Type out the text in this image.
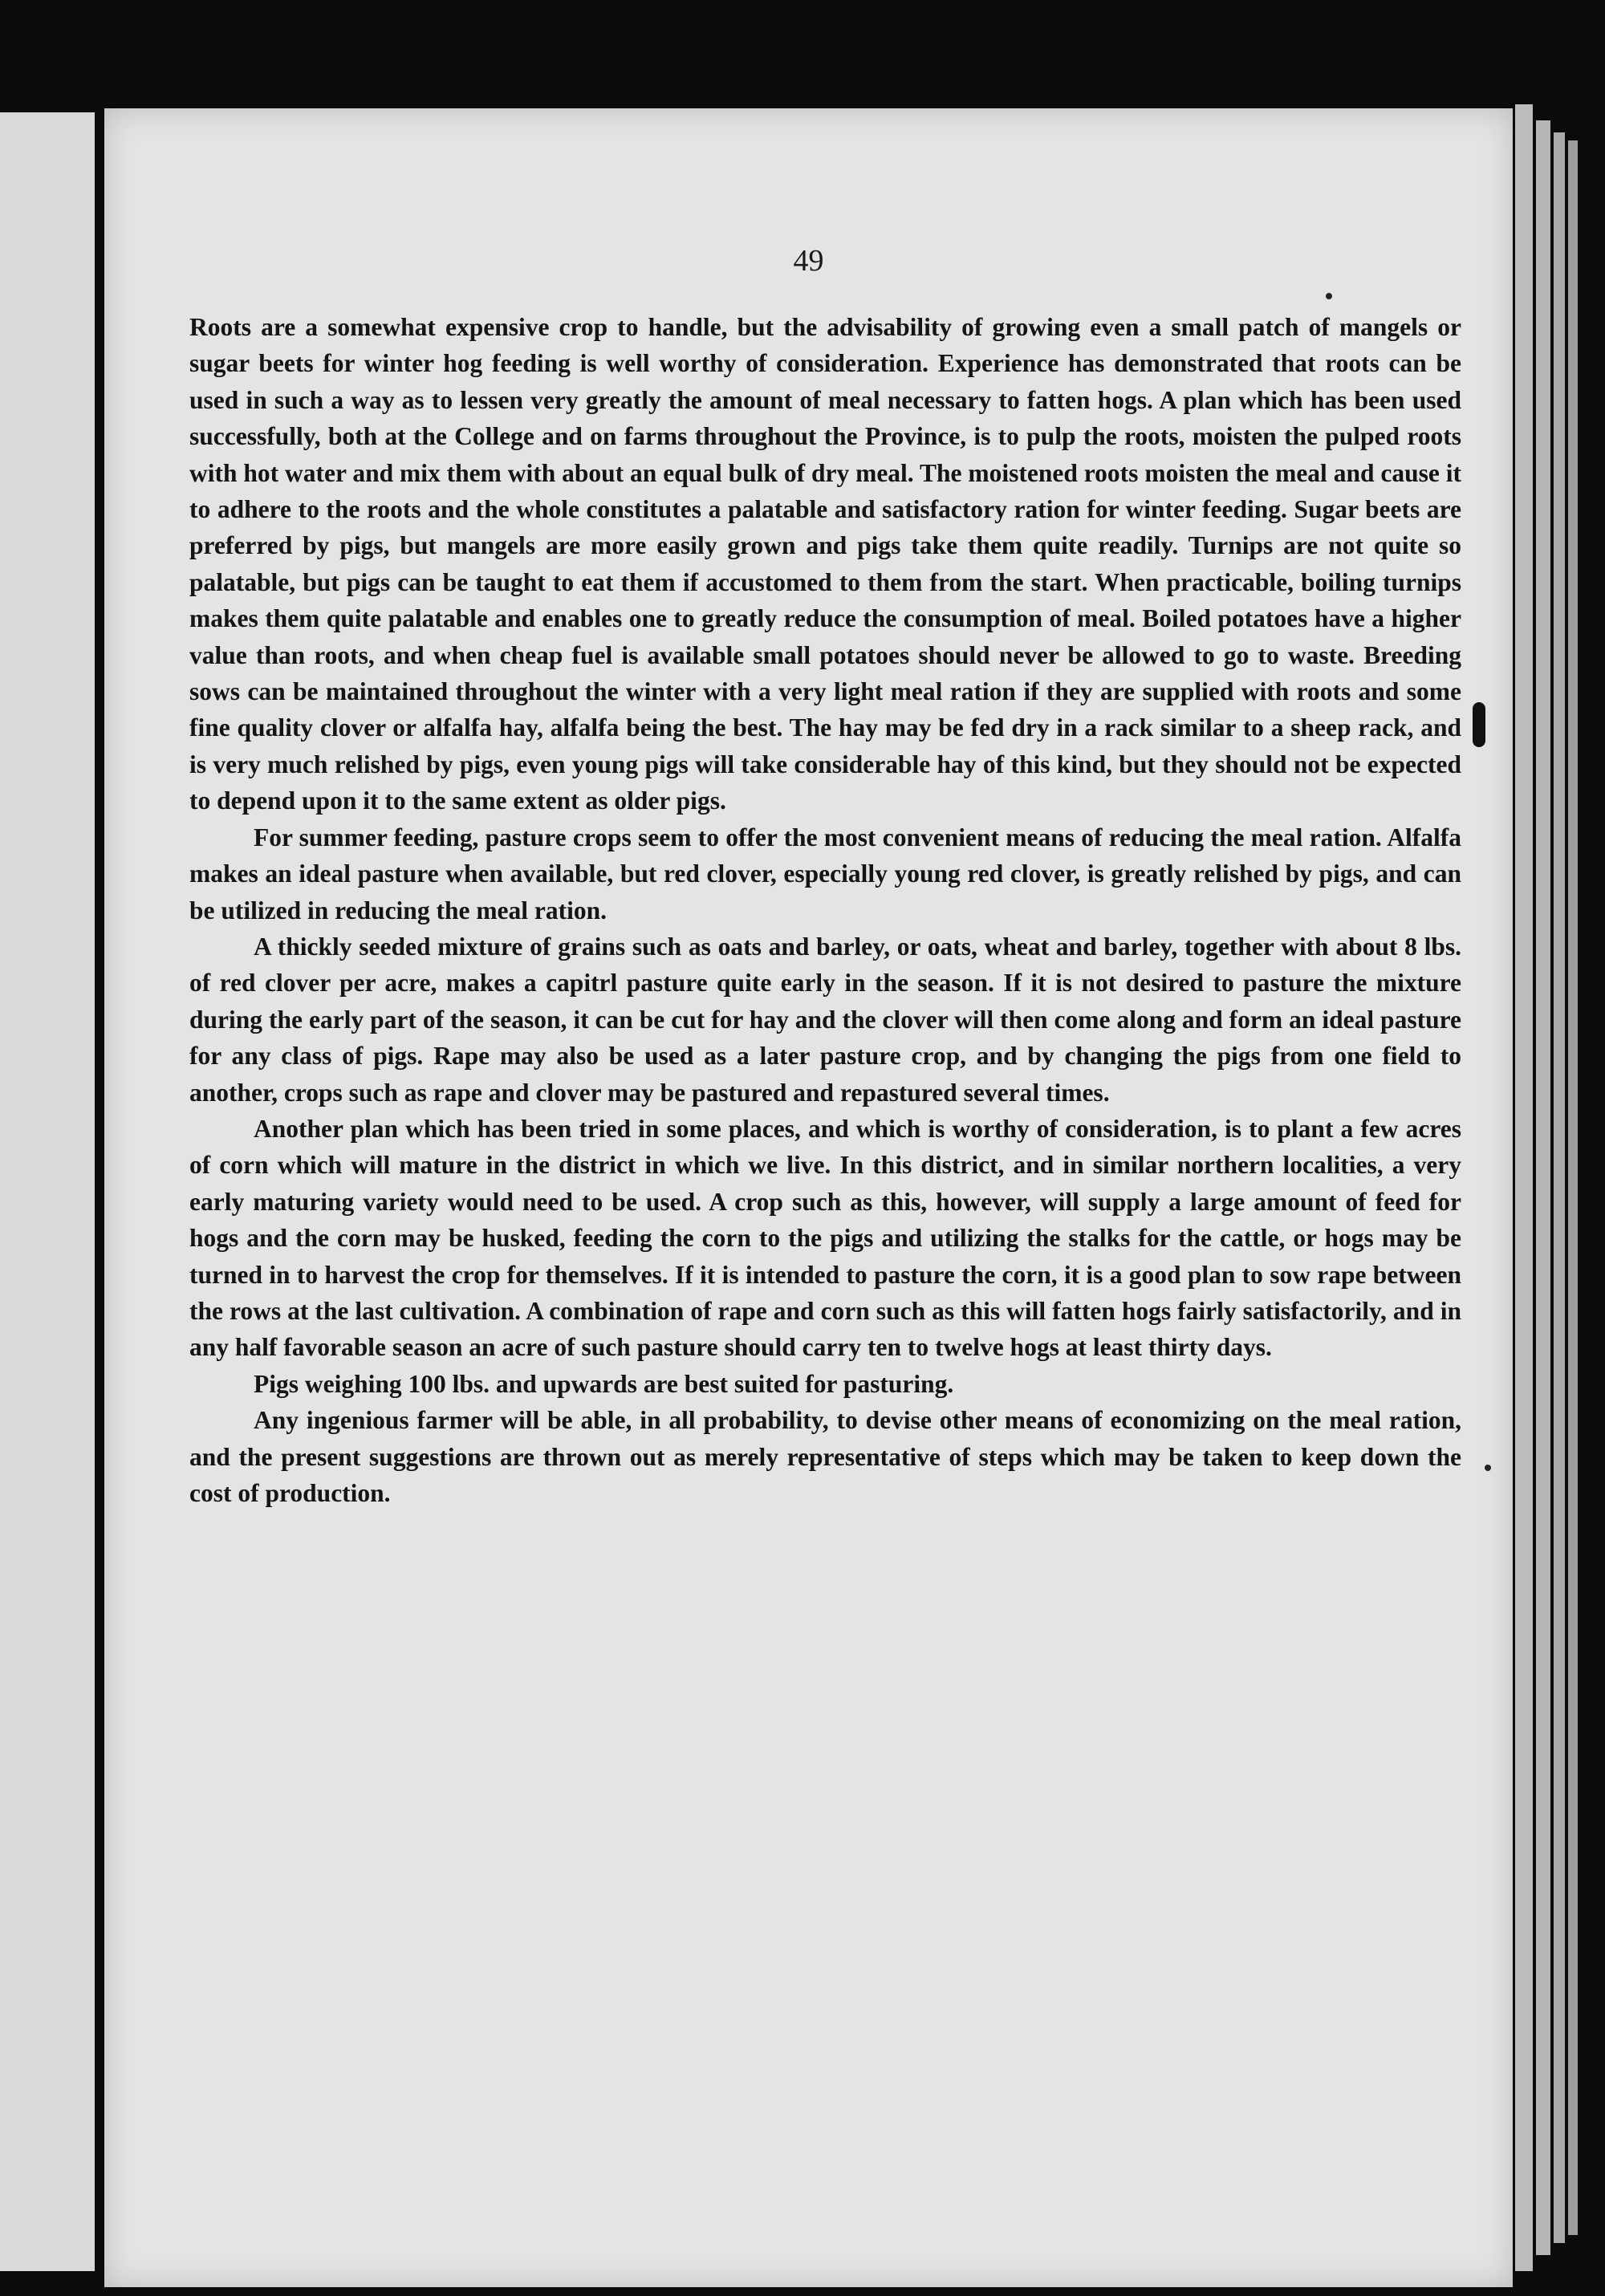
49

Roots are a somewhat expensive crop to handle, but the advisability of growing even a small patch of mangels or sugar beets for winter hog feeding is well worthy of consideration. Experience has demonstrated that roots can be used in such a way as to lessen very greatly the amount of meal necessary to fatten hogs. A plan which has been used successfully, both at the College and on farms throughout the Province, is to pulp the roots, moisten the pulped roots with hot water and mix them with about an equal bulk of dry meal. The moistened roots moisten the meal and cause it to adhere to the roots and the whole constitutes a palatable and satisfactory ration for winter feeding. Sugar beets are preferred by pigs, but mangels are more easily grown and pigs take them quite readily. Turnips are not quite so palatable, but pigs can be taught to eat them if accustomed to them from the start. When practicable, boiling turnips makes them quite palatable and enables one to greatly reduce the consumption of meal. Boiled potatoes have a higher value than roots, and when cheap fuel is available small potatoes should never be allowed to go to waste. Breeding sows can be maintained throughout the winter with a very light meal ration if they are supplied with roots and some fine quality clover or alfalfa hay, alfalfa being the best. The hay may be fed dry in a rack similar to a sheep rack, and is very much relished by pigs, even young pigs will take considerable hay of this kind, but they should not be expected to depend upon it to the same extent as older pigs.

For summer feeding, pasture crops seem to offer the most convenient means of reducing the meal ration. Alfalfa makes an ideal pasture when available, but red clover, especially young red clover, is greatly relished by pigs, and can be utilized in reducing the meal ration.

A thickly seeded mixture of grains such as oats and barley, or oats, wheat and barley, together with about 8 lbs. of red clover per acre, makes a capitrl pasture quite early in the season. If it is not desired to pasture the mixture during the early part of the season, it can be cut for hay and the clover will then come along and form an ideal pasture for any class of pigs. Rape may also be used as a later pasture crop, and by changing the pigs from one field to another, crops such as rape and clover may be pastured and repastured several times.

Another plan which has been tried in some places, and which is worthy of consideration, is to plant a few acres of corn which will mature in the district in which we live. In this district, and in similar northern localities, a very early maturing variety would need to be used. A crop such as this, however, will supply a large amount of feed for hogs and the corn may be husked, feeding the corn to the pigs and utilizing the stalks for the cattle, or hogs may be turned in to harvest the crop for themselves. If it is intended to pasture the corn, it is a good plan to sow rape between the rows at the last cultivation. A combination of rape and corn such as this will fatten hogs fairly satisfactorily, and in any half favorable season an acre of such pasture should carry ten to twelve hogs at least thirty days.

Pigs weighing 100 lbs. and upwards are best suited for pasturing.

Any ingenious farmer will be able, in all probability, to devise other means of economizing on the meal ration, and the present suggestions are thrown out as merely representative of steps which may be taken to keep down the cost of production.
